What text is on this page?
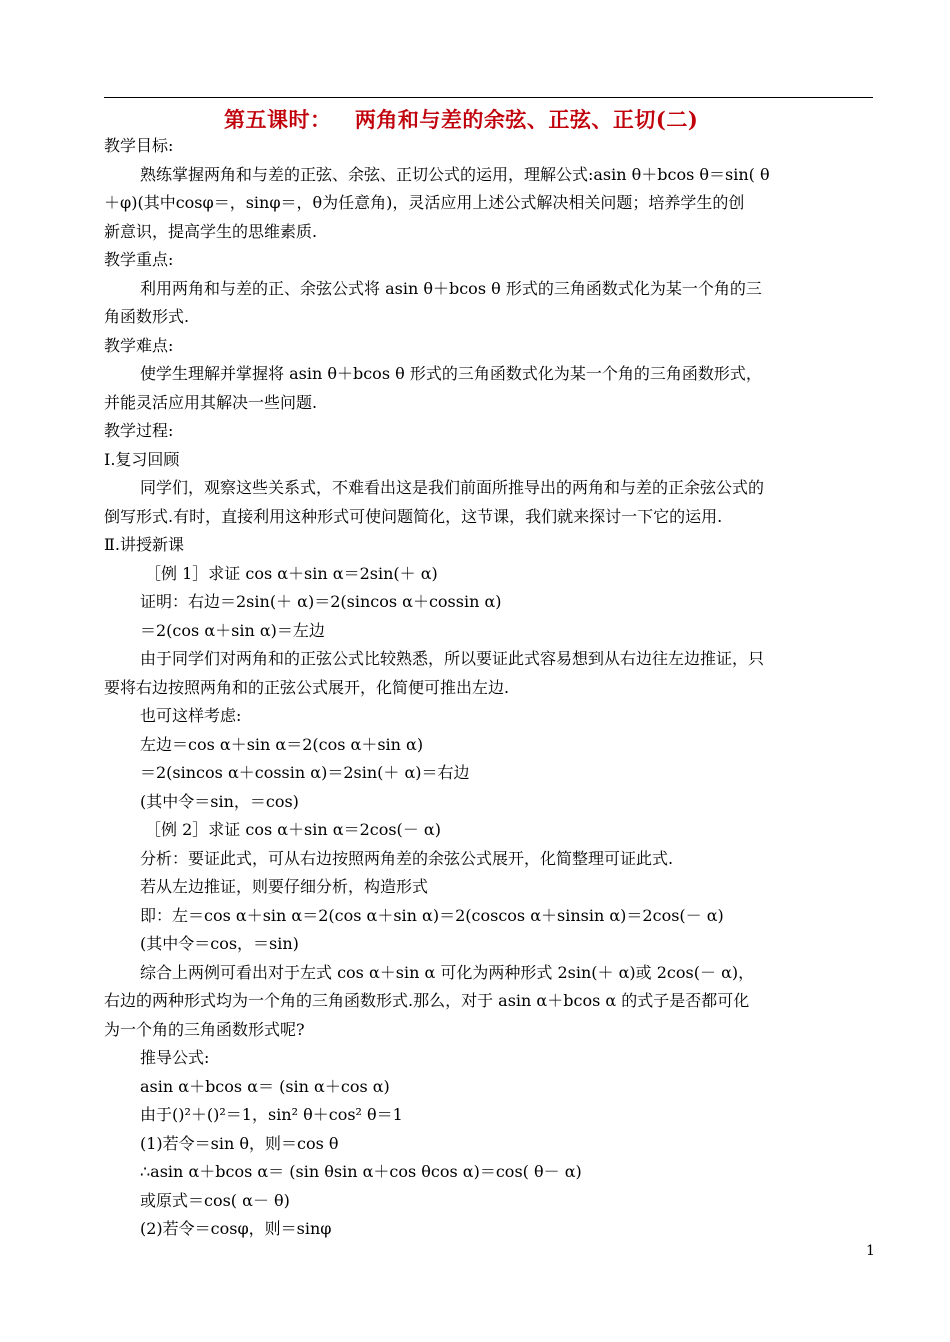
第五课时：   两角和与差的余弦、正弦、正切(二)
教学目标:
熟练掌握两角和与差的正弦、余弦、正切公式的运用，理解公式:asin θ＋bcos θ＝sin( θ
＋φ)(其中cosφ＝，sinφ＝，θ为任意角)，灵活应用上述公式解决相关问题；培养学生的创
新意识，提高学生的思维素质.
教学重点:
利用两角和与差的正、余弦公式将 asin θ＋bcos θ 形式的三角函数式化为某一个角的三
角函数形式.
教学难点:
使学生理解并掌握将 asin θ＋bcos θ 形式的三角函数式化为某一个角的三角函数形式，
并能灵活应用其解决一些问题.
教学过程:
Ⅰ.复习回顾
同学们，观察这些关系式，不难看出这是我们前面所推导出的两角和与差的正余弦公式的
倒写形式.有时，直接利用这种形式可使问题简化，这节课，我们就来探讨一下它的运用.
Ⅱ.讲授新课
［例 1］求证 cos α＋sin α＝2sin(＋ α)
证明：右边＝2sin(＋ α)＝2(sincos α＋cossin α)
＝2(cos α＋sin α)＝左边
由于同学们对两角和的正弦公式比较熟悉，所以要证此式容易想到从右边往左边推证，只
要将右边按照两角和的正弦公式展开，化简便可推出左边.
也可这样考虑:
左边＝cos α＋sin α＝2(cos α＋sin α)
＝2(sincos α＋cossin α)＝2sin(＋ α)＝右边
(其中令＝sin，＝cos)
［例 2］求证 cos α＋sin α＝2cos(－ α)
分析：要证此式，可从右边按照两角差的余弦公式展开，化简整理可证此式.
若从左边推证，则要仔细分析，构造形式
即：左＝cos α＋sin α＝2(cos α＋sin α)＝2(coscos α＋sinsin α)＝2cos(－ α)
(其中令＝cos，＝sin)
综合上两例可看出对于左式 cos α＋sin α 可化为两种形式 2sin(＋ α)或 2cos(－ α)，
右边的两种形式均为一个角的三角函数形式.那么，对于 asin α＋bcos α 的式子是否都可化
为一个角的三角函数形式呢?
推导公式:
asin α＋bcos α＝ (sin α＋cos α)
由于()²＋()²＝1，sin² θ＋cos² θ＝1
(1)若令＝sin θ，则＝cos θ
∴asin α＋bcos α＝ (sin θsin α＋cos θcos α)＝cos( θ－ α)
或原式＝cos( α－ θ)
(2)若令＝cosφ，则＝sinφ
1
